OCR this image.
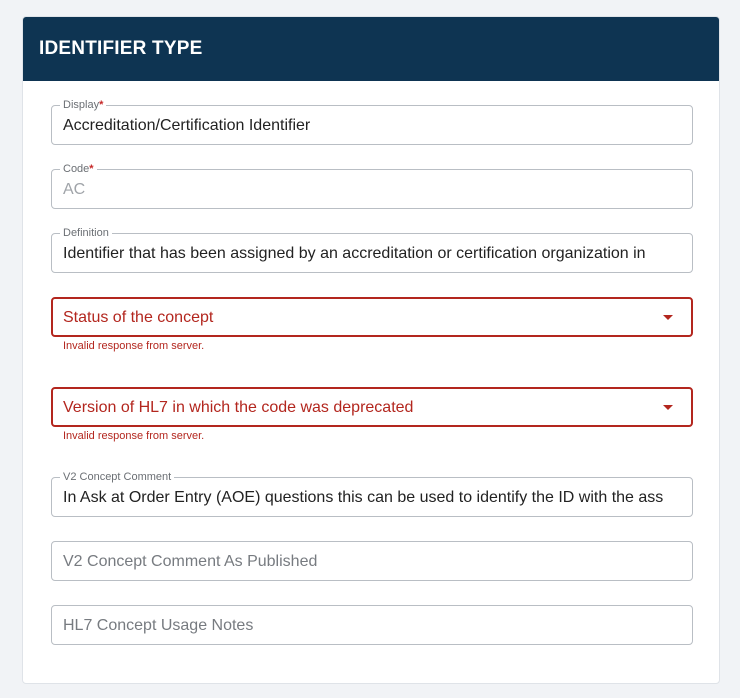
IDENTIFIER TYPE
Display*
Accreditation/Certification Identifier
Code*
AC
Definition
Identifier that has been assigned by an accreditation or certification organization in
Status of the concept
Invalid response from server.
Version of HL7 in which the code was deprecated
Invalid response from server.
V2 Concept Comment
In Ask at Order Entry (AOE) questions this can be used to identify the ID with the ass
V2 Concept Comment As Published
HL7 Concept Usage Notes
